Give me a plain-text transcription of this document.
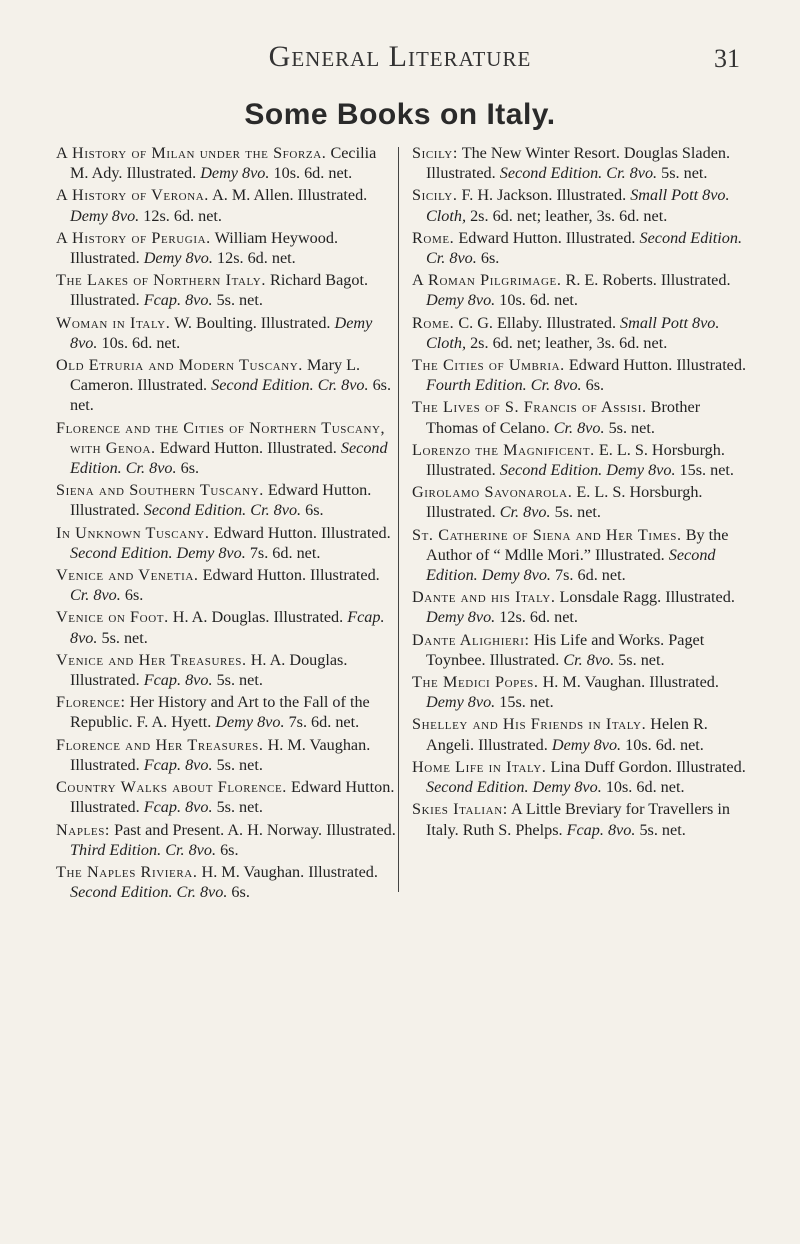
General Literature	31
Some Books on Italy.
A History of Milan under the Sforza. Cecilia M. Ady. Illustrated. Demy 8vo. 10s. 6d. net.
A History of Verona. A. M. Allen. Illustrated. Demy 8vo. 12s. 6d. net.
A History of Perugia. William Heywood. Illustrated. Demy 8vo. 12s. 6d. net.
The Lakes of Northern Italy. Richard Bagot. Illustrated. Fcap. 8vo. 5s. net.
Woman in Italy. W. Boulting. Illustrated. Demy 8vo. 10s. 6d. net.
Old Etruria and Modern Tuscany. Mary L. Cameron. Illustrated. Second Edition. Cr. 8vo. 6s. net.
Florence and the Cities of Northern Tuscany, with Genoa. Edward Hutton. Illustrated. Second Edition. Cr. 8vo. 6s.
Siena and Southern Tuscany. Edward Hutton. Illustrated. Second Edition. Cr. 8vo. 6s.
In Unknown Tuscany. Edward Hutton. Illustrated. Second Edition. Demy 8vo. 7s. 6d. net.
Venice and Venetia. Edward Hutton. Illustrated. Cr. 8vo. 6s.
Venice on Foot. H. A. Douglas. Illustrated. Fcap. 8vo. 5s. net.
Venice and Her Treasures. H. A. Douglas. Illustrated. Fcap. 8vo. 5s. net.
Florence: Her History and Art to the Fall of the Republic. F. A. Hyett. Demy 8vo. 7s. 6d. net.
Florence and Her Treasures. H. M. Vaughan. Illustrated. Fcap. 8vo. 5s. net.
Country Walks about Florence. Edward Hutton. Illustrated. Fcap. 8vo. 5s. net.
Naples: Past and Present. A. H. Norway. Illustrated. Third Edition. Cr. 8vo. 6s.
The Naples Riviera. H. M. Vaughan. Illustrated. Second Edition. Cr. 8vo. 6s.
Sicily: The New Winter Resort. Douglas Sladen. Illustrated. Second Edition. Cr. 8vo. 5s. net.
Sicily. F. H. Jackson. Illustrated. Small Pott 8vo. Cloth, 2s. 6d. net; leather, 3s. 6d. net.
Rome. Edward Hutton. Illustrated. Second Edition. Cr. 8vo. 6s.
A Roman Pilgrimage. R. E. Roberts. Illustrated. Demy 8vo. 10s. 6d. net.
Rome. C. G. Ellaby. Illustrated. Small Pott 8vo. Cloth, 2s. 6d. net; leather, 3s. 6d. net.
The Cities of Umbria. Edward Hutton. Illustrated. Fourth Edition. Cr. 8vo. 6s.
The Lives of S. Francis of Assisi. Brother Thomas of Celano. Cr. 8vo. 5s. net.
Lorenzo the Magnificent. E. L. S. Horsburgh. Illustrated. Second Edition. Demy 8vo. 15s. net.
Girolamo Savonarola. E. L. S. Horsburgh. Illustrated. Cr. 8vo. 5s. net.
St. Catherine of Siena and Her Times. By the Author of “ Mdlle Mori.” Illustrated. Second Edition. Demy 8vo. 7s. 6d. net.
Dante and his Italy. Lonsdale Ragg. Illustrated. Demy 8vo. 12s. 6d. net.
Dante Alighieri: His Life and Works. Paget Toynbee. Illustrated. Cr. 8vo. 5s. net.
The Medici Popes. H. M. Vaughan. Illustrated. Demy 8vo. 15s. net.
Shelley and His Friends in Italy. Helen R. Angeli. Illustrated. Demy 8vo. 10s. 6d. net.
Home Life in Italy. Lina Duff Gordon. Illustrated. Second Edition. Demy 8vo. 10s. 6d. net.
Skies Italian: A Little Breviary for Travellers in Italy. Ruth S. Phelps. Fcap. 8vo. 5s. net.
